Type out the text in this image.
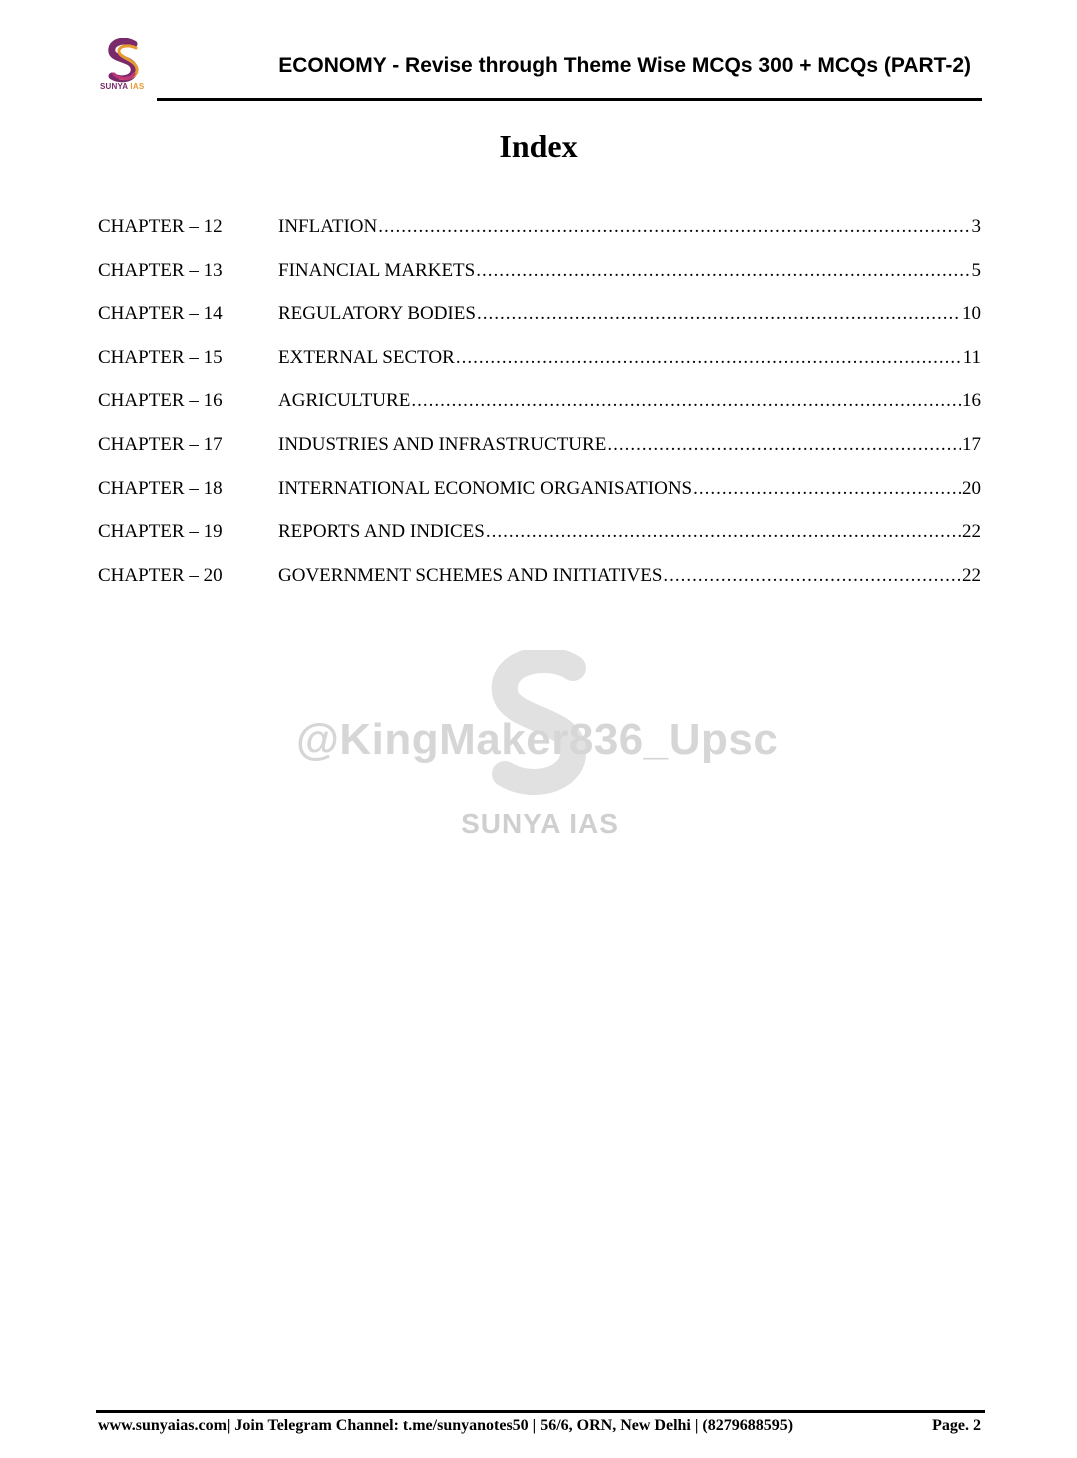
SUNYA IAS
ECONOMY - Revise through Theme Wise MCQs 300 + MCQs (PART-2)
Index
CHAPTER – 12	INFLATION .....	3
CHAPTER – 13	FINANCIAL MARKETS .....	5
CHAPTER – 14	REGULATORY BODIES .....	10
CHAPTER – 15	EXTERNAL SECTOR .....	11
CHAPTER – 16	AGRICULTURE .....	16
CHAPTER – 17	INDUSTRIES AND INFRASTRUCTURE .....	17
CHAPTER – 18	INTERNATIONAL ECONOMIC ORGANISATIONS .....	20
CHAPTER – 19	REPORTS AND INDICES .....	22
CHAPTER – 20	GOVERNMENT SCHEMES AND INITIATIVES .....	22
@KingMaker836_Upsc
SUNYA IAS
www.sunyaias.com| Join Telegram Channel: t.me/sunyanotes50 | 56/6, ORN, New Delhi | (8279688595)	Page. 2
